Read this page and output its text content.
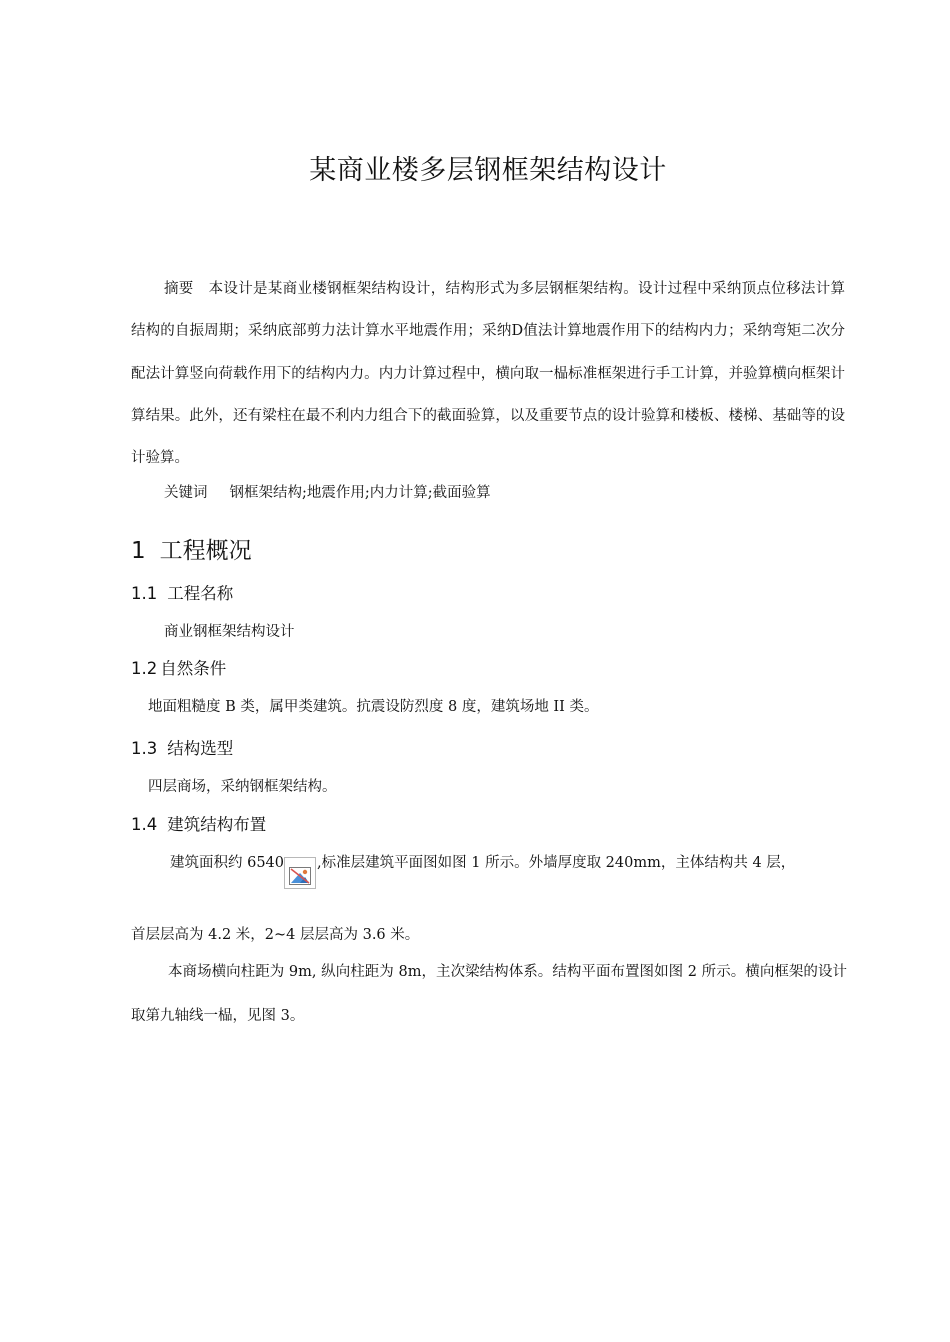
某商业楼多层钢框架结构设计

摘要 本设计是某商业楼钢框架结构设计，结构形式为多层钢框架结构。设计过程中采纳顶点位移法计算结构的自振周期；采纳底部剪力法计算水平地震作用；采纳D值法计算地震作用下的结构内力；采纳弯矩二次分配法计算竖向荷载作用下的结构内力。内力计算过程中，横向取一榀标准框架进行手工计算，并验算横向框架计算结果。此外，还有梁柱在最不利内力组合下的截面验算，以及重要节点的设计验算和楼板、楼梯、基础等的设计验算。

关键词 钢框架结构;地震作用;内力计算;截面验算
1 工程概况
1.1 工程名称
商业钢框架结构设计
1.2 自然条件
地面粗糙度 B 类，属甲类建筑。抗震设防烈度 8 度，建筑场地 II 类。
1.3 结构选型
四层商场，采纳钢框架结构。
1.4 建筑结构布置
建筑面积约 6540 ,标准层建筑平面图如图 1 所示。外墙厚度取 240mm，主体结构共 4 层，
首层层高为 4.2 米，2~4 层层高为 3.6 米。

本商场横向柱距为 9m, 纵向柱距为 8m，主次梁结构体系。结构平面布置图如图 2 所示。横向框架的设计取第九轴线一榀，见图 3。
